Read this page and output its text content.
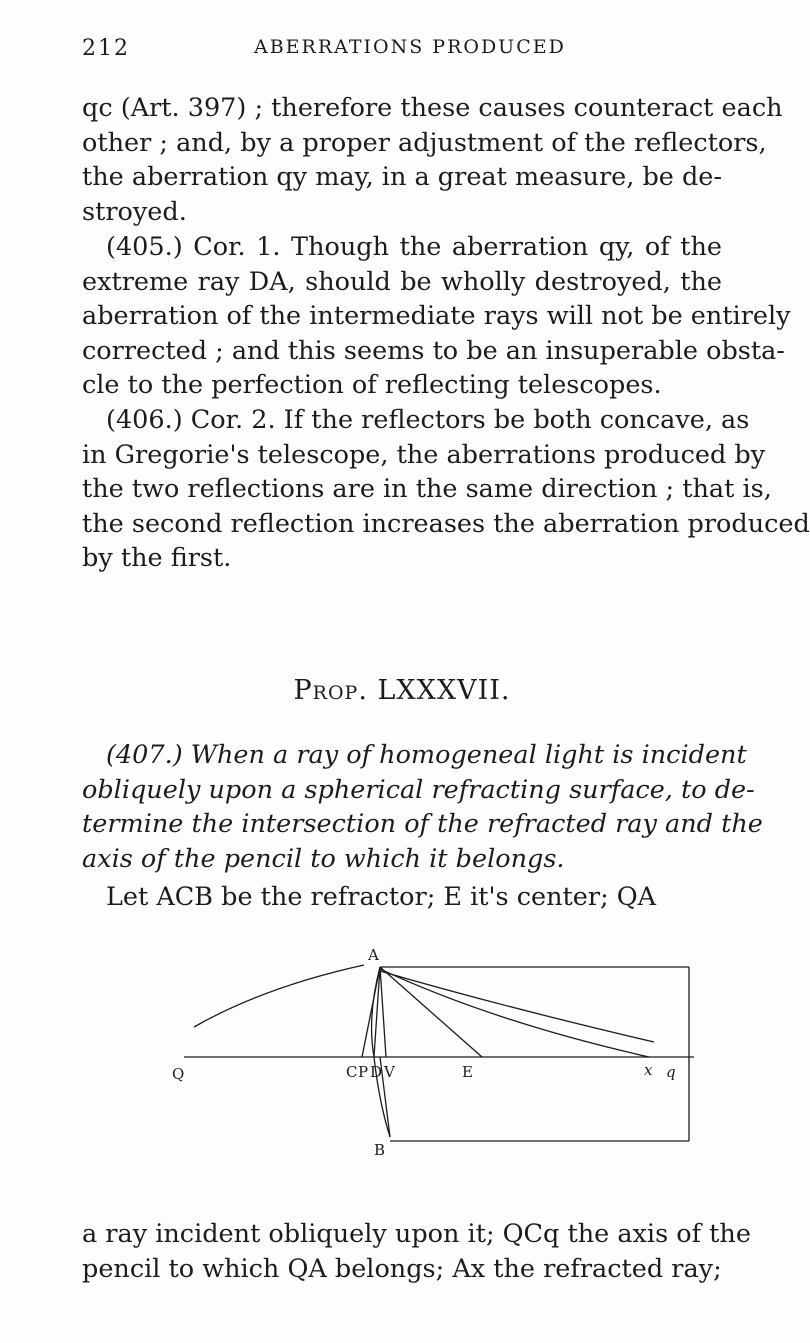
212	ABERRATIONS PRODUCED
qc (Art. 397) ; therefore these causes counteract each
other ; and, by a proper adjustment of the reflectors,
the aberration qy may, in a great measure, be de-
stroyed.
(405.) Cor. 1. Though the aberration qy, of the
extreme ray DA, should be wholly destroyed, the
aberration of the intermediate rays will not be entirely
corrected ; and this seems to be an insuperable obsta-
cle to the perfection of reflecting telescopes.
(406.) Cor. 2. If the reflectors be both concave, as
in Gregorie's telescope, the aberrations produced by
the two reflections are in the same direction ; that is,
the second reflection increases the aberration produced
by the first.
Prop. LXXXVII.
(407.) When a ray of homogeneal light is incident
obliquely upon a spherical refracting surface, to de-
termine the intersection of the refracted ray and the
axis of the pencil to which it belongs.
Let ACB be the refractor; E it's center; QA
A
Q	C P D V	E	x q
B
a ray incident obliquely upon it; QCq the axis of the
pencil to which QA belongs; Ax the refracted ray;
